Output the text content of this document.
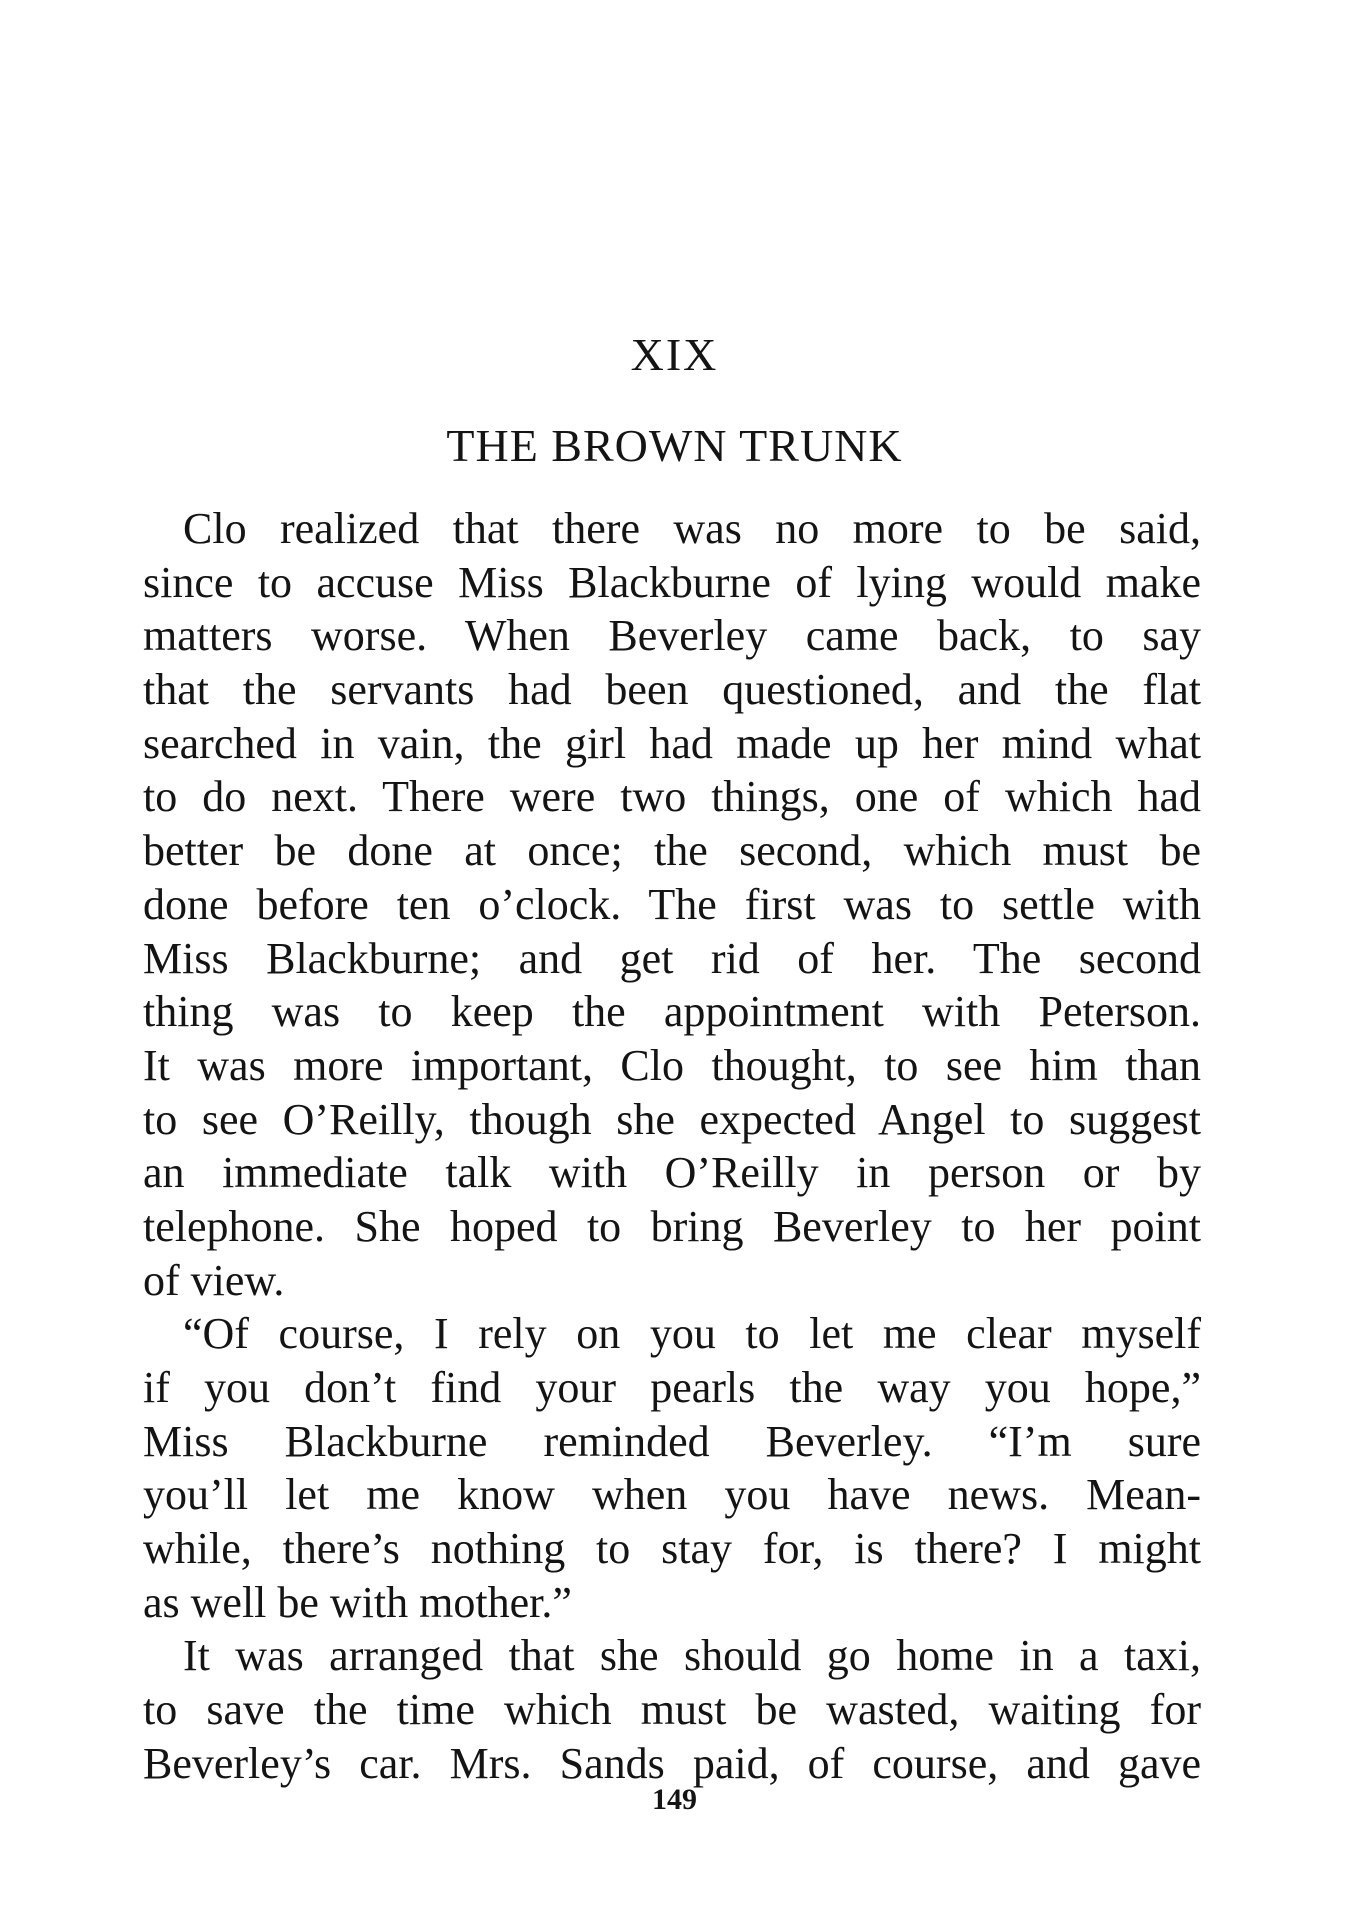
XIX
THE BROWN TRUNK
Clo realized that there was no more to be said,
since to accuse Miss Blackburne of lying would make
matters worse. When Beverley came back, to say
that the servants had been questioned, and the flat
searched in vain, the girl had made up her mind what
to do next. There were two things, one of which had
better be done at once; the second, which must be
done before ten o’clock. The first was to settle with
Miss Blackburne; and get rid of her. The second
thing was to keep the appointment with Peterson.
It was more important, Clo thought, to see him than
to see O’Reilly, though she expected Angel to suggest
an immediate talk with O’Reilly in person or by
telephone. She hoped to bring Beverley to her point
of view.
“Of course, I rely on you to let me clear myself
if you don’t find your pearls the way you hope,”
Miss Blackburne reminded Beverley. “I’m sure
you’ll let me know when you have news. Mean-
while, there’s nothing to stay for, is there? I might
as well be with mother.”
It was arranged that she should go home in a taxi,
to save the time which must be wasted, waiting for
Beverley’s car. Mrs. Sands paid, of course, and gave
149
